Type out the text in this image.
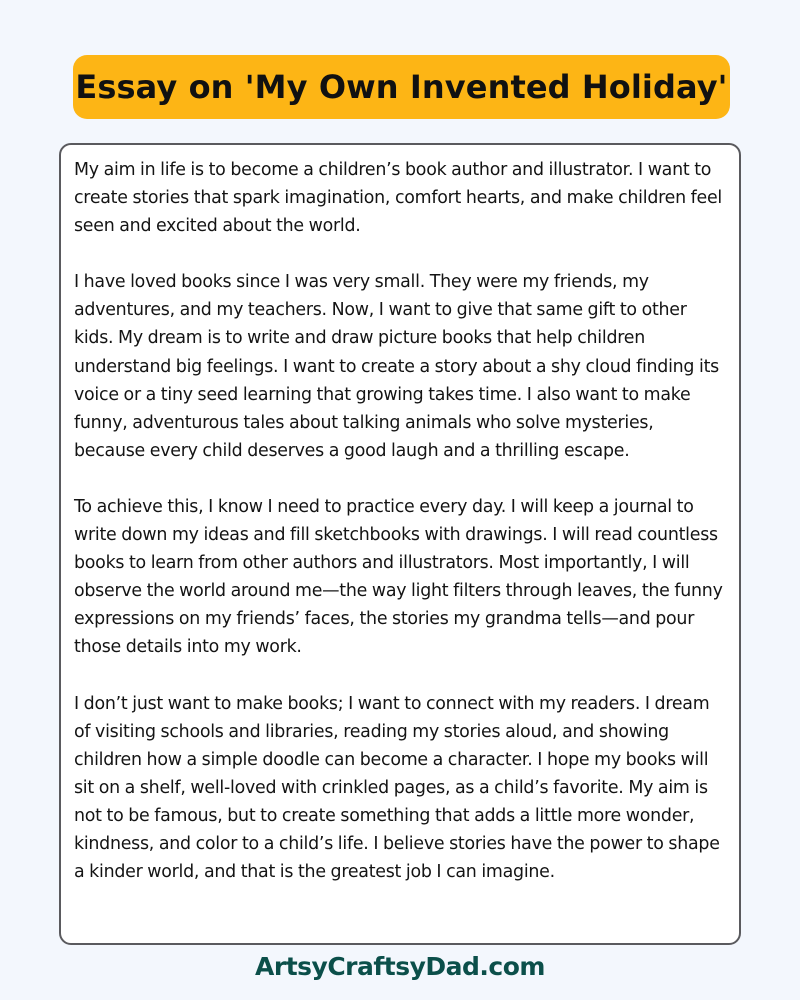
Essay on 'My Own Invented Holiday'

My aim in life is to become a children’s book author and illustrator. I want to create stories that spark imagination, comfort hearts, and make children feel seen and excited about the world.

I have loved books since I was very small. They were my friends, my adventures, and my teachers. Now, I want to give that same gift to other kids. My dream is to write and draw picture books that help children understand big feelings. I want to create a story about a shy cloud finding its voice or a tiny seed learning that growing takes time. I also want to make funny, adventurous tales about talking animals who solve mysteries, because every child deserves a good laugh and a thrilling escape.

To achieve this, I know I need to practice every day. I will keep a journal to write down my ideas and fill sketchbooks with drawings. I will read countless books to learn from other authors and illustrators. Most importantly, I will observe the world around me—the way light filters through leaves, the funny expressions on my friends’ faces, the stories my grandma tells—and pour those details into my work.

I don’t just want to make books; I want to connect with my readers. I dream of visiting schools and libraries, reading my stories aloud, and showing children how a simple doodle can become a character. I hope my books will sit on a shelf, well-loved with crinkled pages, as a child’s favorite. My aim is not to be famous, but to create something that adds a little more wonder, kindness, and color to a child’s life. I believe stories have the power to shape a kinder world, and that is the greatest job I can imagine.

ArtsyCraftsyDad.com
